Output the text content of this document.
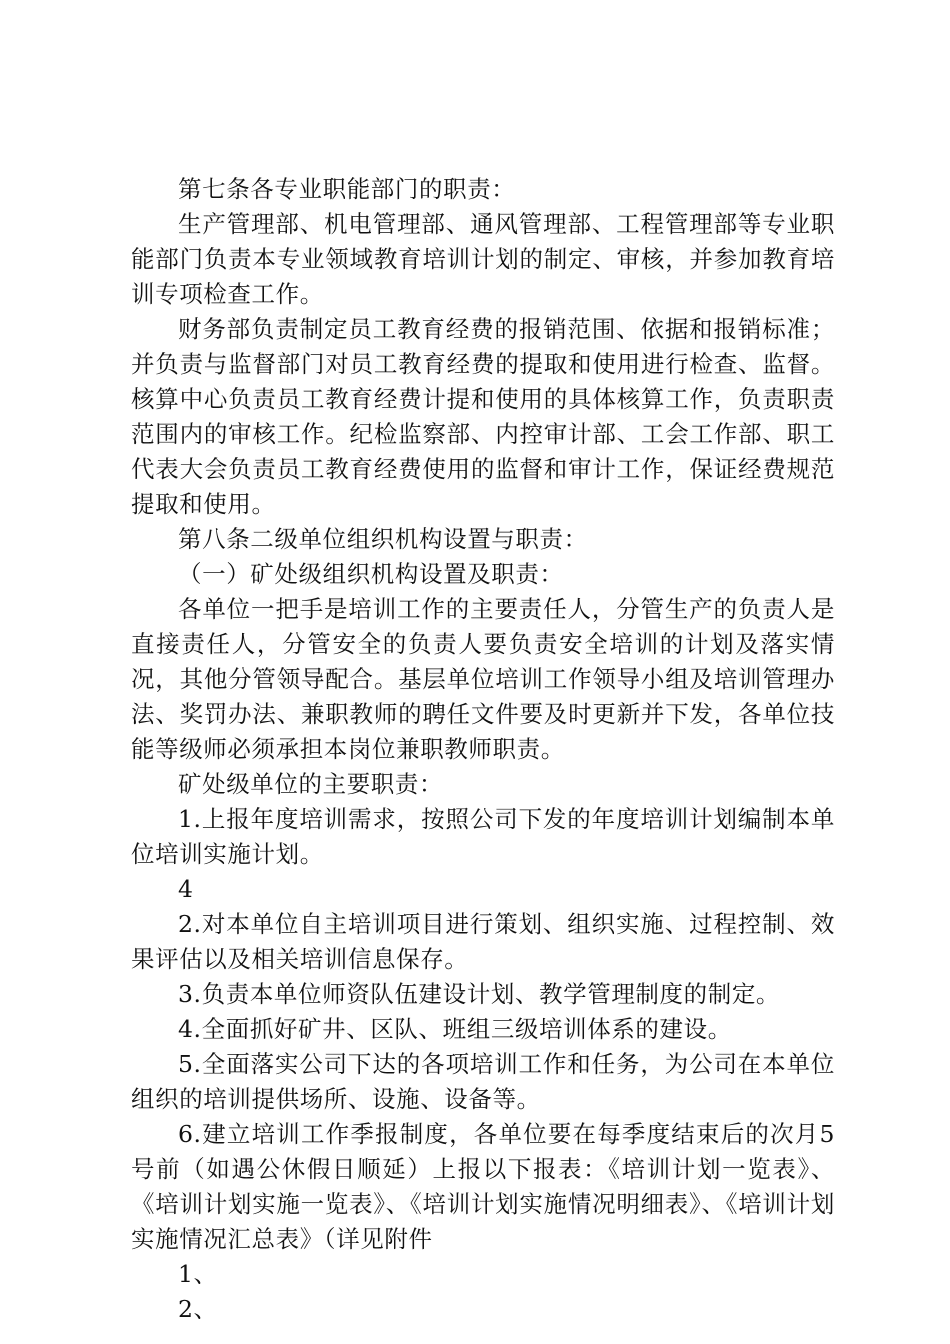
第七条各专业职能部门的职责：

生产管理部、机电管理部、通风管理部、工程管理部等专业职能部门负责本专业领域教育培训计划的制定、审核，并参加教育培训专项检查工作。

财务部负责制定员工教育经费的报销范围、依据和报销标准；并负责与监督部门对员工教育经费的提取和使用进行检查、监督。核算中心负责员工教育经费计提和使用的具体核算工作，负责职责范围内的审核工作。纪检监察部、内控审计部、工会工作部、职工代表大会负责员工教育经费使用的监督和审计工作，保证经费规范提取和使用。

第八条二级单位组织机构设置与职责：

（一）矿处级组织机构设置及职责：

各单位一把手是培训工作的主要责任人，分管生产的负责人是直接责任人，分管安全的负责人要负责安全培训的计划及落实情况，其他分管领导配合。基层单位培训工作领导小组及培训管理办法、奖罚办法、兼职教师的聘任文件要及时更新并下发，各单位技能等级师必须承担本岗位兼职教师职责。

矿处级单位的主要职责：

1.上报年度培训需求，按照公司下发的年度培训计划编制本单位培训实施计划。

4

2.对本单位自主培训项目进行策划、组织实施、过程控制、效果评估以及相关培训信息保存。

3.负责本单位师资队伍建设计划、教学管理制度的制定。

4.全面抓好矿井、区队、班组三级培训体系的建设。

5.全面落实公司下达的各项培训工作和任务，为公司在本单位组织的培训提供场所、设施、设备等。

6.建立培训工作季报制度，各单位要在每季度结束后的次月5号前（如遇公休假日顺延）上报以下报表：《培训计划一览表》、《培训计划实施一览表》、《培训计划实施情况明细表》、《培训计划实施情况汇总表》（详见附件

1、

2、
